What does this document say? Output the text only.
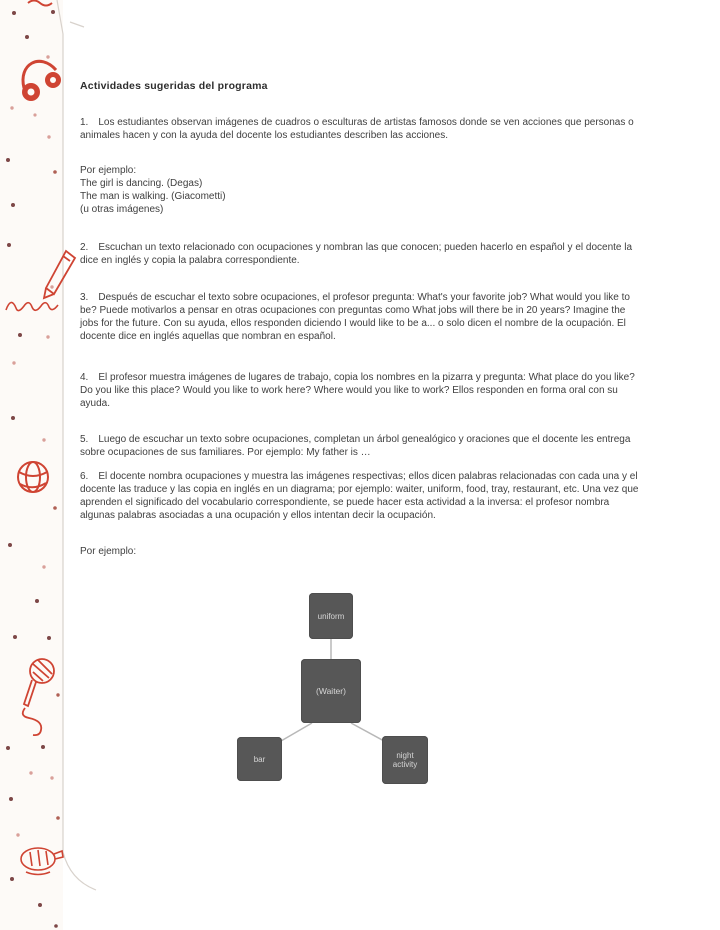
Actividades sugeridas del programa

1. Los estudiantes observan imágenes de cuadros o esculturas de artistas famosos donde se ven acciones que personas o animales hacen y con la ayuda del docente los estudiantes describen las acciones.

Por ejemplo:
The girl is dancing. (Degas)
The man is walking. (Giacometti)
(u otras imágenes)

2. Escuchan un texto relacionado con ocupaciones y nombran las que conocen; pueden hacerlo en español y el docente la dice en inglés y copia la palabra correspondiente.

3. Después de escuchar el texto sobre ocupaciones, el profesor pregunta: What's your favorite job? What would you like to be? Puede motivarlos a pensar en otras ocupaciones con preguntas como What jobs will there be in 20 years? Imagine the jobs for the future. Con su ayuda, ellos responden diciendo I would like to be a... o solo dicen el nombre de la ocupación. El docente dice en inglés aquellas que nombran en español.

4. El profesor muestra imágenes de lugares de trabajo, copia los nombres en la pizarra y pregunta: What place do you like? Do you like this place? Would you like to work here? Where would you like to work? Ellos responden en forma oral con su ayuda.

5. Luego de escuchar un texto sobre ocupaciones, completan un árbol genealógico y oraciones que el docente les entrega sobre ocupaciones de sus familiares. Por ejemplo: My father is …

6. El docente nombra ocupaciones y muestra las imágenes respectivas; ellos dicen palabras relacionadas con cada una y el docente las traduce y las copia en inglés en un diagrama; por ejemplo: waiter, uniform, food, tray, restaurant, etc. Una vez que aprenden el significado del vocabulario correspondiente, se puede hacer esta actividad a la inversa: el profesor nombra algunas palabras asociadas a una ocupación y ellos intentan decir la ocupación.

Por ejemplo:
uniform
(Waiter)
bar	night activity
